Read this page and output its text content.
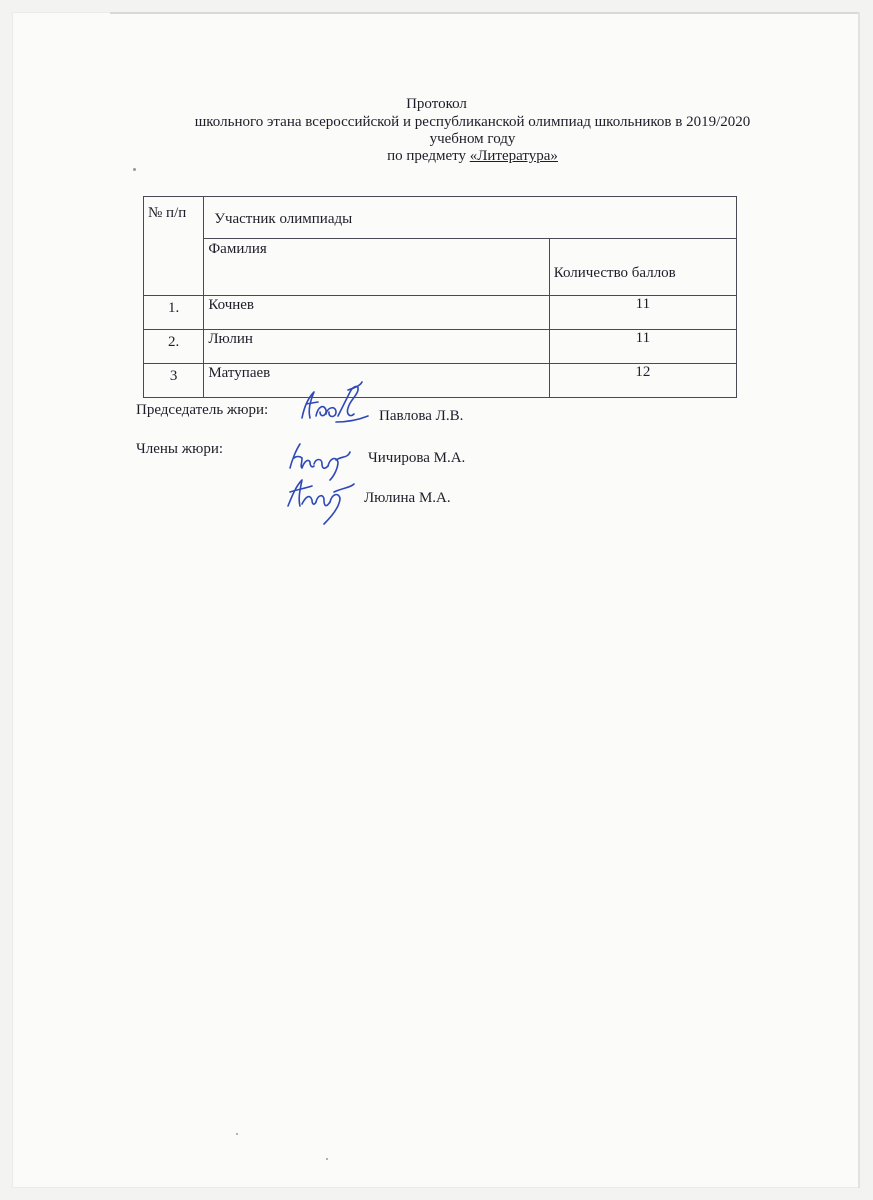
Протокол
школьного этана всероссийской и республиканской олимпиад школьников в 2019/2020
учебном году
по предмету «Литература»
№ п/п	Участник олимпиады	
	Фамилия	Количество баллов
1.	Кочнев	11
2.	Люлин	11
3	Матупаев	12
Председатель жюри:	Павлова Л.В.
Члены жюри:
Чичирова М.А.
Люлина М.А.
